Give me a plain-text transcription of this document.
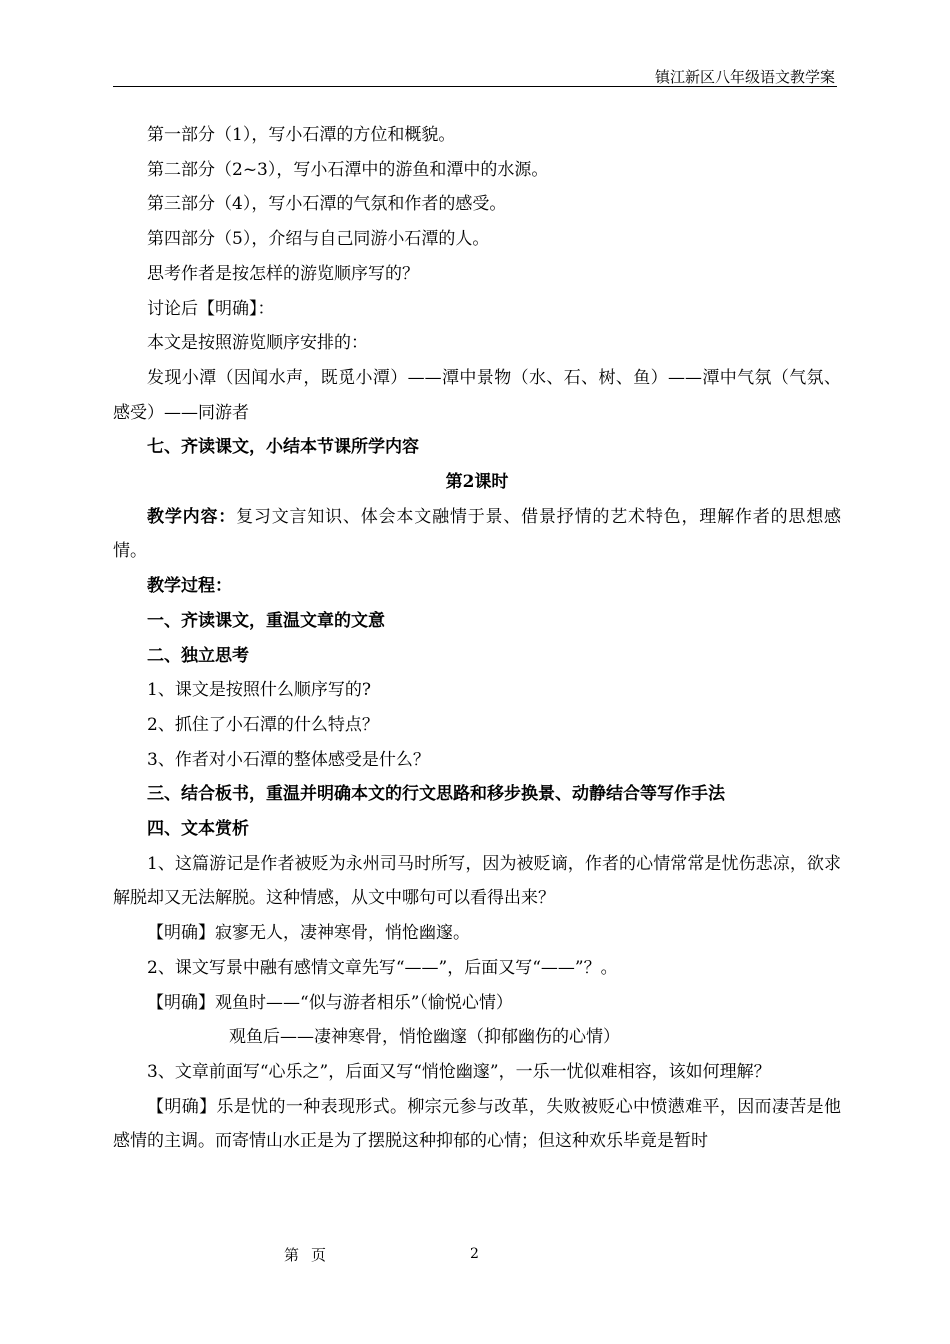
镇江新区八年级语文教学案

第一部分（1），写小石潭的方位和概貌。

第二部分（2~3），写小石潭中的游鱼和潭中的水源。

第三部分（4），写小石潭的气氛和作者的感受。

第四部分（5），介绍与自己同游小石潭的人。

思考作者是按怎样的游览顺序写的？

讨论后【明确】：

本文是按照游览顺序安排的：

发现小潭（因闻水声，既觅小潭）——潭中景物（水、石、树、鱼）——潭中气氛（气氛、感受）——同游者

七、齐读课文，小结本节课所学内容

第2课时

教学内容：复习文言知识、体会本文融情于景、借景抒情的艺术特色，理解作者的思想感情。

教学过程：

一、齐读课文，重温文章的文意

二、独立思考

1、课文是按照什么顺序写的?

2、抓住了小石潭的什么特点？

3、作者对小石潭的整体感受是什么？

三、结合板书，重温并明确本文的行文思路和移步换景、动静结合等写作手法

四、文本赏析

1、这篇游记是作者被贬为永州司马时所写，因为被贬谪，作者的心情常常是忧伤悲凉，欲求解脱却又无法解脱。这种情感，从文中哪句可以看得出来？

【明确】寂寥无人，凄神寒骨，悄怆幽邃。

2、课文写景中融有感情文章先写“——”，后面又写“——”？。

【明确】观鱼时——“似与游者相乐”（愉悦心情）

观鱼后——凄神寒骨，悄怆幽邃（抑郁幽伤的心情）

3、文章前面写“心乐之”，后面又写“悄怆幽邃”，一乐一忧似难相容，该如何理解？

【明确】乐是忧的一种表现形式。柳宗元参与改革，失败被贬心中愤懑难平，因而凄苦是他感情的主调。而寄情山水正是为了摆脱这种抑郁的心情；但这种欢乐毕竟是暂时

第页	2
